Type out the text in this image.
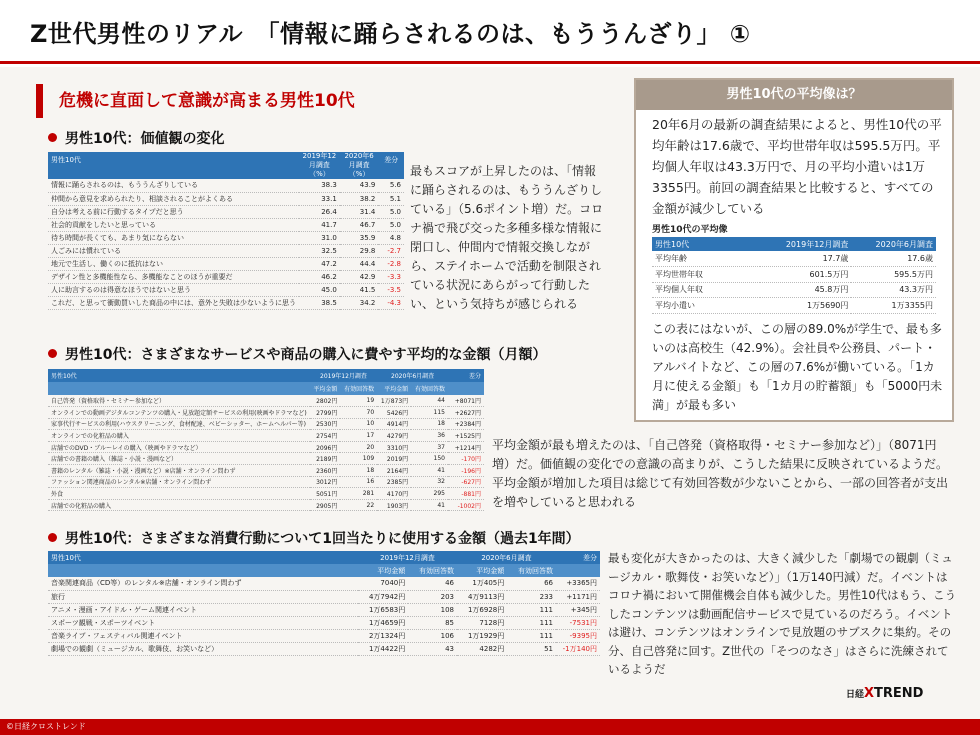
Z世代男性のリアル　「情報に踊らされるのは、もううんざり」 ①
危機に直面して意識が高まる男性10代
男性10代：価値観の変化
男性10代	2019年12月調査（%）	2020年6月調査（%）	差分
情報に踊らされるのは、もううんざりしている	38.3	43.9	5.6
仲間から意見を求められたり、相談されることがよくある	33.1	38.2	5.1
自分は考える前に行動するタイプだと思う	26.4	31.4	5.0
社会的貢献をしたいと思っている	41.7	46.7	5.0
待ち時間が長くても、あまり気にならない	31.0	35.9	4.8
人ごみには慣れている	32.5	29.8	-2.7
地元で生活し、働くのに抵抗はない	47.2	44.4	-2.8
デザイン性と多機能性なら、多機能なことのほうが重要だ	46.2	42.9	-3.3
人に助言するのは得意なほうではないと思う	45.0	41.5	-3.5
これだ、と思って衝動買いした商品の中には、意外と失敗は少ないように思う	38.5	34.2	-4.3
最もスコアが上昇したのは、「情報に踊らされるのは、もううんざりしている」（5.6ポイント増）だ。コロナ禍で飛び交った多種多様な情報に閉口し、仲間内で情報交換しながら、ステイホームで活動を制限されている状況にあらがって行動したい、という気持ちが感じられる
男性10代：さまざまなサービスや商品の購入に費やす平均的な金額（月額）
男性10代	2019年12月調査		2020年6月調査		差分
	平均金額	有効回答数	平均金額	有効回答数	
自己啓発（資格取得・セミナー参加など）	2802円	19	1万873円	44	+8071円
オンラインでの動画デジタルコンテンツの購入・見放題定額サービスの利用(映画やドラマなど)	2799円	70	5426円	115	+2627円
家事代行サービスの利用(ハウスクリーニング、食材配達、ベビーシッター、ホームヘルパー等)	2530円	10	4914円	18	+2384円
オンラインでの化粧品の購入	2754円	17	4279円	36	+1525円
店舗でのDVD・ブルーレイの購入（映画やドラマなど）	2096円	20	3310円	37	+1214円
店舗での書籍の購入（雑誌・小説・漫画など）	2189円	109	2019円	150	-170円
書籍のレンタル（雑誌・小説・漫画など）※店舗・オンライン問わず	2360円	18	2164円	41	-196円
ファッション関連商品のレンタル※店舗・オンライン問わず	3012円	16	2385円	32	-627円
外食	5051円	281	4170円	295	-881円
店舗での化粧品の購入	2905円	22	1903円	41	-1002円
平均金額が最も増えたのは、「自己啓発（資格取得・セミナー参加など）」（8071円増）だ。価値観の変化での意識の高まりが、こうした結果に反映されているようだ。平均金額が増加した項目は総じて有効回答数が少ないことから、一部の回答者が支出を増やしていると思われる
男性10代：さまざまな消費行動について1回当たりに使用する金額（過去1年間）
男性10代	2019年12月調査		2020年6月調査		差分
	平均金額	有効回答数	平均金額	有効回答数	
音楽関連商品（CD等）のレンタル※店舗・オンライン問わず	7040円	46	1万405円	66	+3365円
旅行	4万7942円	203	4万9113円	233	+1171円
アニメ・漫画・アイドル・ゲーム関連イベント	1万6583円	108	1万6928円	111	+345円
スポーツ観戦・スポーツイベント	1万4659円	85	7128円	111	-7531円
音楽ライブ・フェスティバル関連イベント	2万1324円	106	1万1929円	111	-9395円
劇場での観劇（ミュージカル、歌舞伎、お笑いなど）	1万4422円	43	4282円	51	-1万140円
最も変化が大きかったのは、大きく減少した「劇場での観劇（ミュージカル・歌舞伎・お笑いなど）」（1万140円減）だ。イベントはコロナ禍において開催機会自体も減少した。男性10代はもう、こうしたコンテンツは動画配信サービスで見ているのだろう。イベントは避け、コンテンツはオンラインで見放題のサブスクに集約。その分、自己啓発に回す。Z世代の「そつのなさ」はさらに洗練されているようだ
男性10代の平均像は？
20年6月の最新の調査結果によると、男性10代の平均年齢は17.6歳で、平均世帯年収は595.5万円。平均個人年収は43.3万円で、月の平均小遣いは1万3355円。前回の調査結果と比較すると、すべての金額が減少している
男性10代の平均像
男性10代	2019年12月調査	2020年6月調査
平均年齢	17.7歳	17.6歳
平均世帯年収	601.5万円	595.5万円
平均個人年収	45.8万円	43.3万円
平均小遣い	1万5690円	1万3355円
この表にはないが、この層の89.0%が学生で、最も多いのは高校生（42.9%）。会社員や公務員、パート・アルバイトなど、この層の7.6%が働いている。「1カ月に使える金額」も「1カ月の貯蓄額」も「5000円未満」が最も多い
日経XTREND
©日経クロストレンド
